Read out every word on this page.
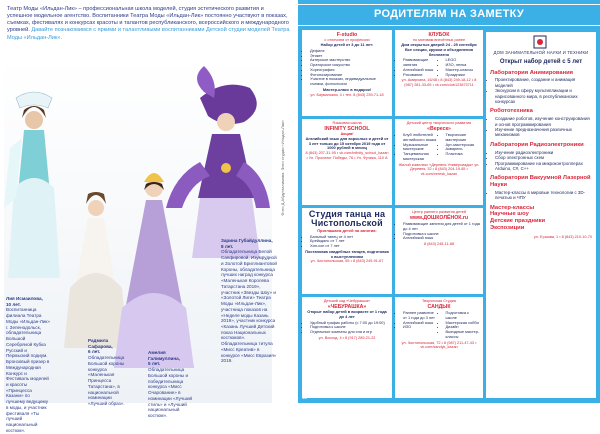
Театр Моды «Ильдан-Лик» – профессиональная школа моделей, студия эстетического развития и успешное модельное агентство. Воспитанники Театра Моды «Ильдан-Лик» постоянно участвуют в показах, съемках, фестивалях и конкурсах красоты и талантов республиканского, всероссийского и международного уровней. Давайте познакомимся с яркими и талантливыми воспитанниками Детской студии моделей Театра Моды «Ильдан-Лик».
Фото Д.Абдулгалимова. Фото студии «Ильдан-Лик»
Лия Исмаилова,
10 лет.
Воспитанница филиала Театра Моды «Ильдан-Лик» г. Зеленодольск, обладательница Большой Серебряной Кубка Русский и Пермьский подиум. Бронзовый призер в Международная Конкурс и Фестиваль моделей и красоты «Принцесса Казани» по лучшему ведущему в моды, и участник фестиваля «Ты лучший национальный костюм».
Радмила Сафарова,
6 лет.
Обладательница Большой короны конкурса «Маленькая Принцесса Татарстана», в национальной номинации «Лучший образ».
Амелия Галимуллина,
5 лет.
Обладательница Большой короны и победительница конкурса «Мисс Очарование» в номинации «Лучший стиль» и «Лучший национальный костюм».
Зарина Губайдуллина,
8 лет.
Обладательница Белой Сапфировой, Изумрудной и Золотой Бриллиантовой Короны, обладательница лучших наград конкурса «Маленькая Королева Татарстана 2019», участник «Звезды Шоу» и «Золотой Лиги» Театра Моды «Ильдан-Лик», участница показов на «Неделе моды Казань 2019», участник конкурса «Казань Лучший Детский показ Национальных костюмов». Обладательница титула «Мисс Креатив» в конкурсе «Мисс Евразия» 2019.
РОДИТЕЛЯМ НА ЗАМЕТКУ
F-studio
с отличием от профессии
Набор детей от 3 до 11 лет:
• Дефиле
• Этикет
• Актерское мастерство
• Ораторское искусство
• Хореография
• Фотопозирование
• Участие в показах, индивидуальные съемки, фотосессии
Мастер-класс в подарок!
ул. Бауманская, 4 • тел. 8 (843) 239-71-18
КЛУБОК
по мотивам внесённых ранее
Дом открытых дверей 24 - 25 сентября
Все секции, кружки и объединения бесплатно
• Развивающие занятия
• Английский язык
• Рисование
• LEGO
• ИЗО, лепка
• Мастер-классы
• Праздники
ул. Амирхана, 16/48 • 8 (843) 249-18-12 • 8 (987) 281-33-65 • vk.com/club123873711
Языковая школа
INFINITY SCHOOL
Акция!
Английский язык для взрослых и детей от 3 лет только до 15 октября 2019 года от 1000 рублей в месяц
8 (843) 207-31-95 • vk.com/infinity_school_kazan • Ул. Проспект Победы, 76 • Ул. Фучика, 110 А
Детский центр творческого развития
«Вереск»
• Клуб любителей английского языка
• Музыкальные мастерские
• Танцевальная мастерская
• Творческие мастерские
• Арт-мастерская
• Акварель
• Пластика
Жилой комплекс «Деревня Универсиады» ул. Деревня, 32 • 8 (843) 204-19-85 • vk.com/veresk_kazan
Студия танца на Чистопольской
Приглашаем детей на занятия:
• Бальный танец от 4 лет
• Брейкданс от 7 лет
• Хип-хоп от 7 лет
Постановка свадебных танцев, подготовка к выступлениям
ул. Чистопольская, 65 • 8 (843) 245-91-67
Центр раннего развития детей
www.ДОШКОЛЁНОК.ru
• Развивающие занятия для детей от 1 года до 4 лет
• Подготовка к школе
• Английский язык
8 (843) 248-11-88
Детский сад «Чебурашка»
«ЧЕБУРАШКА»
Открыт набор детей в возрасте от 1 года до 4 лет
• Удобный график работы (с 7:00 до 19:00)
• Подготовка к школе
• Отдельные комнаты для сна и игр
ул. Восход, 4 • 8 (917) 289-21-22
Творческая Студия
САНДЫК
• Раннее развитие от 1 года до 3 лет
• Английский язык
• ИЗО
• Подготовка к школе
• Мастерская хобби
• Дизайн
• Выездные мастер-классы
ул. Чистопольская, 72 • 8 (987) 211-47-43 • vk.com/sandyk_kazan
ДОМ ЗАНИМАТЕЛЬНОЙ НАУКИ И ТЕХНИКИ
Открыт набор детей с 5 лет
Лаборатория Анимирования
• Проектирование, создание и анимация моделей
• Экскурсии в сферу мультипликации и нарисованного мира, в республиканских конкурсах
Робототехника
• Создание роботов, изучение конструирования и основ программирования
• Изучение предназначения различных механизмов
Лаборатория Радиоэлектроники
• Изучение радиоэлектроники
• Сбор электронных схем
• Программирование на микроконтроллерах Arduino, C#, C++
Лаборатория Вакуумной Лазерной Науки
• Мастер-классы в мировые технологии с 3D-печатью и ЧПУ
Мастер-классы
Научные шоу
Детские праздники
Экспозиции
ул. Ершова, 1 • 8 (843) 210-10-70
11
